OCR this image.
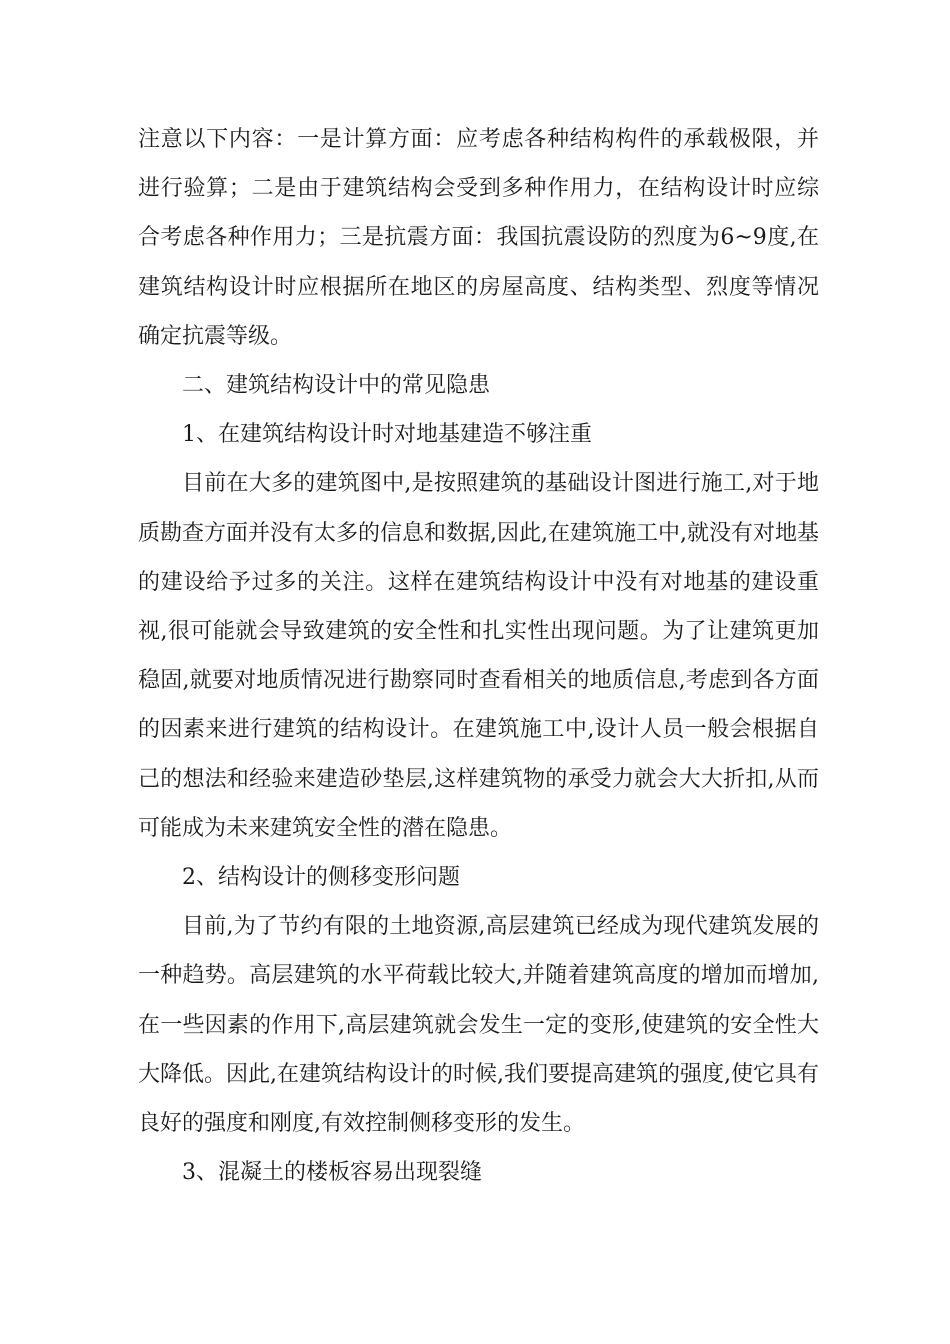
注意以下内容：一是计算方面：应考虑各种结构构件的承载极限，并进行验算；二是由于建筑结构会受到多种作用力，在结构设计时应综合考虑各种作用力；三是抗震方面：我国抗震设防的烈度为6~9度,在建筑结构设计时应根据所在地区的房屋高度、结构类型、烈度等情况确定抗震等级。

二、建筑结构设计中的常见隐患

1、在建筑结构设计时对地基建造不够注重

目前在大多的建筑图中,是按照建筑的基础设计图进行施工,对于地质勘查方面并没有太多的信息和数据,因此,在建筑施工中,就没有对地基的建设给予过多的关注。这样在建筑结构设计中没有对地基的建设重视,很可能就会导致建筑的安全性和扎实性出现问题。为了让建筑更加稳固,就要对地质情况进行勘察同时查看相关的地质信息,考虑到各方面的因素来进行建筑的结构设计。在建筑施工中,设计人员一般会根据自己的想法和经验来建造砂垫层,这样建筑物的承受力就会大大折扣,从而可能成为未来建筑安全性的潜在隐患。

2、结构设计的侧移变形问题

目前,为了节约有限的土地资源,高层建筑已经成为现代建筑发展的一种趋势。高层建筑的水平荷载比较大,并随着建筑高度的增加而增加,在一些因素的作用下,高层建筑就会发生一定的变形,使建筑的安全性大大降低。因此,在建筑结构设计的时候,我们要提高建筑的强度,使它具有良好的强度和刚度,有效控制侧移变形的发生。

3、混凝土的楼板容易出现裂缝
